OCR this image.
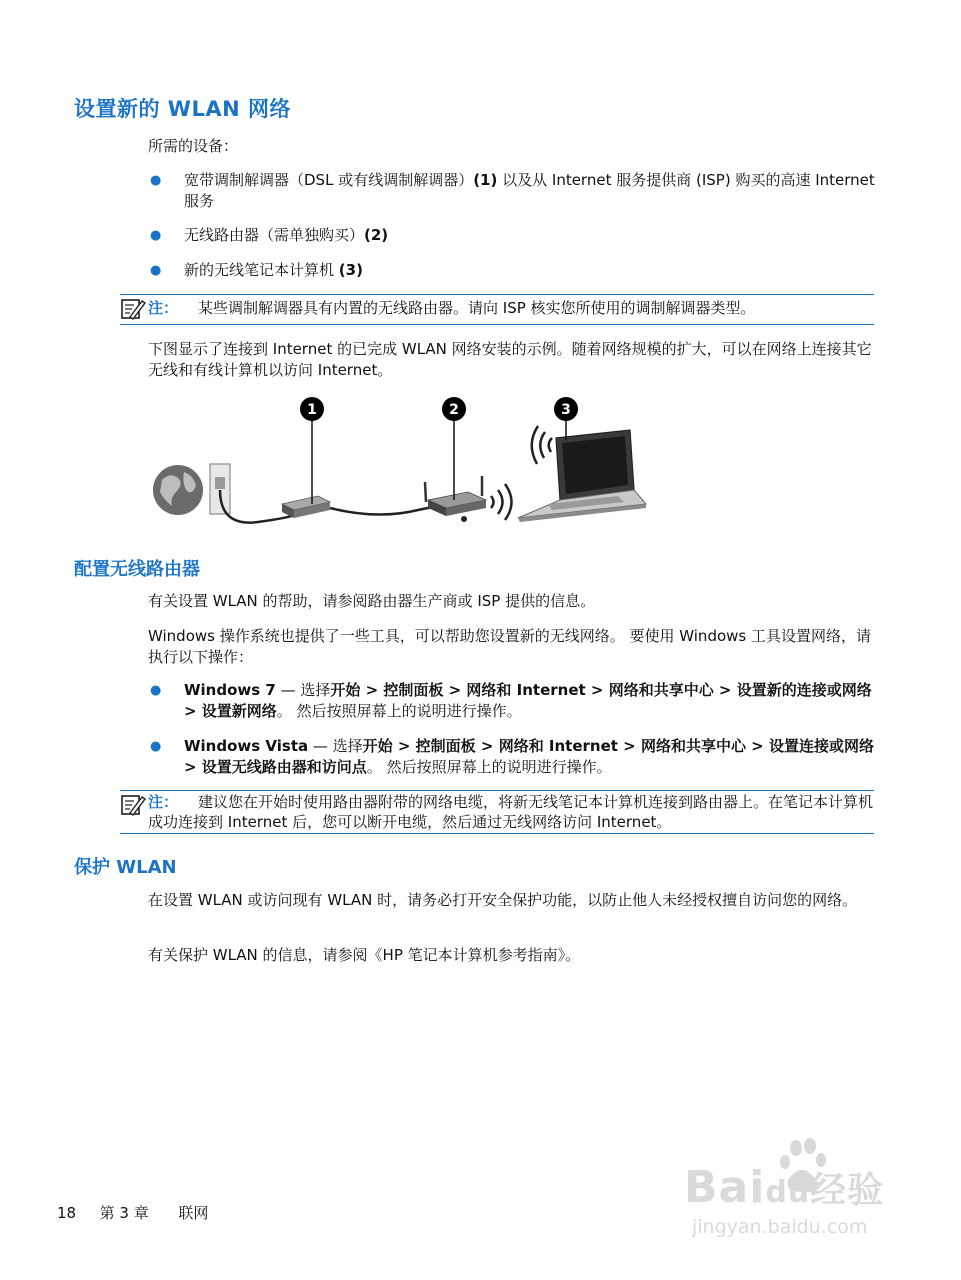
设置新的 WLAN 网络
所需的设备：
●	宽带调制解调器（DSL 或有线调制解调器）(1) 以及从 Internet 服务提供商 (ISP) 购买的高速 Internet 服务
●	无线路由器（需单独购买）(2)
●	新的无线笔记本计算机 (3)
注： 某些调制解调器具有内置的无线路由器。请向 ISP 核实您所使用的调制解调器类型。
下图显示了连接到 Internet 的已完成 WLAN 网络安装的示例。随着网络规模的扩大，可以在网络上连接其它无线和有线计算机以访问 Internet。
1	2	3
配置无线路由器
有关设置 WLAN 的帮助，请参阅路由器生产商或 ISP 提供的信息。
Windows 操作系统也提供了一些工具，可以帮助您设置新的无线网络。 要使用 Windows 工具设置网络，请执行以下操作：
●	Windows 7 — 选择开始 > 控制面板 > 网络和 Internet > 网络和共享中心 > 设置新的连接或网络 > 设置新网络。 然后按照屏幕上的说明进行操作。
●	Windows Vista — 选择开始 > 控制面板 > 网络和 Internet > 网络和共享中心 > 设置连接或网络 > 设置无线路由器和访问点。 然后按照屏幕上的说明进行操作。
注： 建议您在开始时使用路由器附带的网络电缆，将新无线笔记本计算机连接到路由器上。在笔记本计算机成功连接到 Internet 后，您可以断开电缆，然后通过无线网络访问 Internet。
保护 WLAN
在设置 WLAN 或访问现有 WLAN 时，请务必打开安全保护功能，以防止他人未经授权擅自访问您的网络。
有关保护 WLAN 的信息，请参阅《HP 笔记本计算机参考指南》。
18 第 3 章 联网	Baidu经验
jingyan.baidu.com
